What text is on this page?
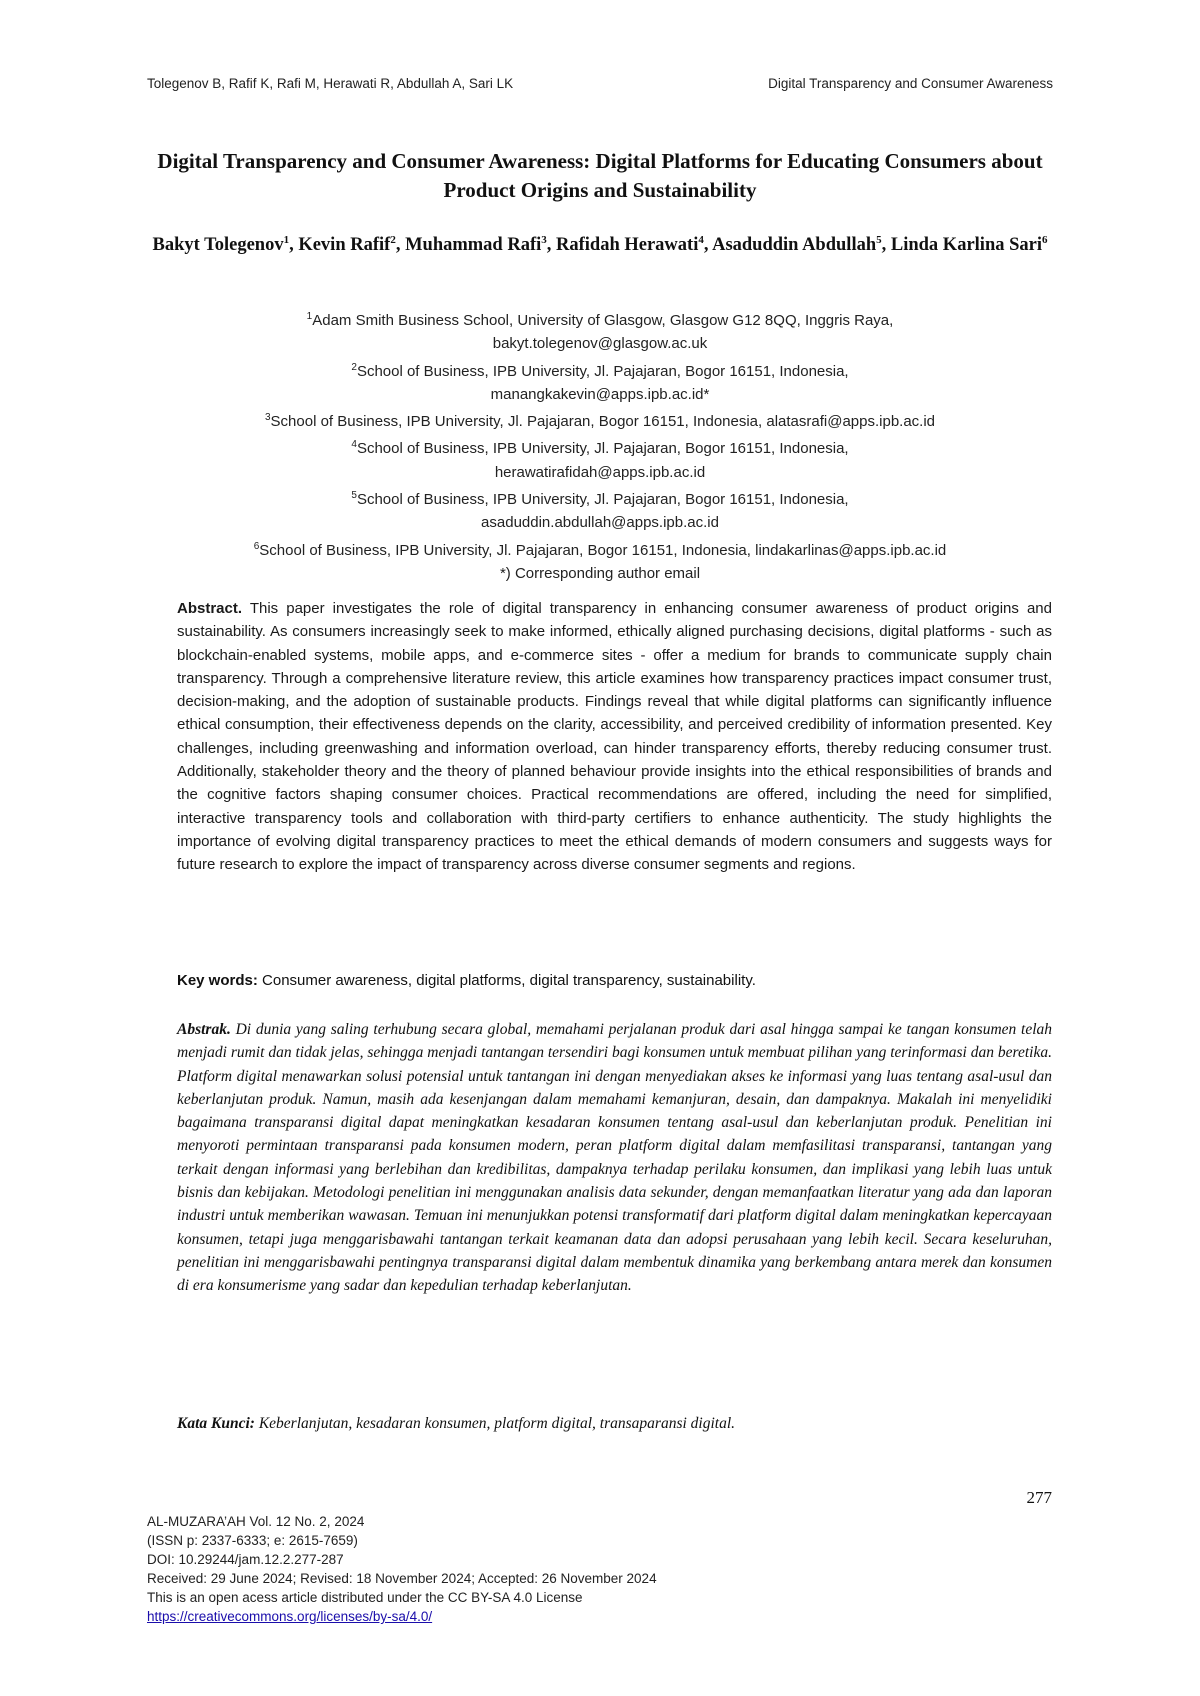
Tolegenov B, Rafif K, Rafi M, Herawati R, Abdullah A, Sari LK	Digital Transparency and Consumer Awareness
Digital Transparency and Consumer Awareness: Digital Platforms for Educating Consumers about Product Origins and Sustainability
Bakyt Tolegenov$^1$, Kevin Rafif$^2$, Muhammad Rafi$^3$, Rafidah Herawati$^4$, Asaduddin Abdullah$^5$, Linda Karlina Sari$^6$
$^1$Adam Smith Business School, University of Glasgow, Glasgow G12 8QQ, Inggris Raya,
bakyt.tolegenov@glasgow.ac.uk
$^2$School of Business, IPB University, Jl. Pajajaran, Bogor 16151, Indonesia,
manangkakevin@apps.ipb.ac.id*
$^3$School of Business, IPB University, Jl. Pajajaran, Bogor 16151, Indonesia, alatasrafi@apps.ipb.ac.id
$^4$School of Business, IPB University, Jl. Pajajaran, Bogor 16151, Indonesia,
herawatirafidah@apps.ipb.ac.id
$^5$School of Business, IPB University, Jl. Pajajaran, Bogor 16151, Indonesia,
asaduddin.abdullah@apps.ipb.ac.id
$^6$School of Business, IPB University, Jl. Pajajaran, Bogor 16151, Indonesia, lindakarlinas@apps.ipb.ac.id
*) Corresponding author email
Abstract. This paper investigates the role of digital transparency in enhancing consumer awareness of product origins and sustainability. As consumers increasingly seek to make informed, ethically aligned purchasing decisions, digital platforms - such as blockchain-enabled systems, mobile apps, and e-commerce sites - offer a medium for brands to communicate supply chain transparency. Through a comprehensive literature review, this article examines how transparency practices impact consumer trust, decision-making, and the adoption of sustainable products. Findings reveal that while digital platforms can significantly influence ethical consumption, their effectiveness depends on the clarity, accessibility, and perceived credibility of information presented. Key challenges, including greenwashing and information overload, can hinder transparency efforts, thereby reducing consumer trust. Additionally, stakeholder theory and the theory of planned behaviour provide insights into the ethical responsibilities of brands and the cognitive factors shaping consumer choices. Practical recommendations are offered, including the need for simplified, interactive transparency tools and collaboration with third-party certifiers to enhance authenticity. The study highlights the importance of evolving digital transparency practices to meet the ethical demands of modern consumers and suggests ways for future research to explore the impact of transparency across diverse consumer segments and regions.
Key words: Consumer awareness, digital platforms, digital transparency, sustainability.
Abstrak. Di dunia yang saling terhubung secara global, memahami perjalanan produk dari asal hingga sampai ke tangan konsumen telah menjadi rumit dan tidak jelas, sehingga menjadi tantangan tersendiri bagi konsumen untuk membuat pilihan yang terinformasi dan beretika. Platform digital menawarkan solusi potensial untuk tantangan ini dengan menyediakan akses ke informasi yang luas tentang asal-usul dan keberlanjutan produk. Namun, masih ada kesenjangan dalam memahami kemanjuran, desain, dan dampaknya. Makalah ini menyelidiki bagaimana transparansi digital dapat meningkatkan kesadaran konsumen tentang asal-usul dan keberlanjutan produk. Penelitian ini menyoroti permintaan transparansi pada konsumen modern, peran platform digital dalam memfasilitasi transparansi, tantangan yang terkait dengan informasi yang berlebihan dan kredibilitas, dampaknya terhadap perilaku konsumen, dan implikasi yang lebih luas untuk bisnis dan kebijakan. Metodologi penelitian ini menggunakan analisis data sekunder, dengan memanfaatkan literatur yang ada dan laporan industri untuk memberikan wawasan. Temuan ini menunjukkan potensi transformatif dari platform digital dalam meningkatkan kepercayaan konsumen, tetapi juga menggarisbawahi tantangan terkait keamanan data dan adopsi perusahaan yang lebih kecil. Secara keseluruhan, penelitian ini menggarisbawahi pentingnya transparansi digital dalam membentuk dinamika yang berkembang antara merek dan konsumen di era konsumerisme yang sadar dan kepedulian terhadap keberlanjutan.
Kata Kunci: Keberlanjutan, kesadaran konsumen, platform digital, transaparansi digital.
277
AL-MUZARA’AH Vol. 12 No. 2, 2024
(ISSN p: 2337-6333; e: 2615-7659)
DOI: 10.29244/jam.12.2.277-287
Received: 29 June 2024; Revised: 18 November 2024; Accepted: 26 November 2024
This is an open acess article distributed under the CC BY-SA 4.0 License
https://creativecommons.org/licenses/by-sa/4.0/
